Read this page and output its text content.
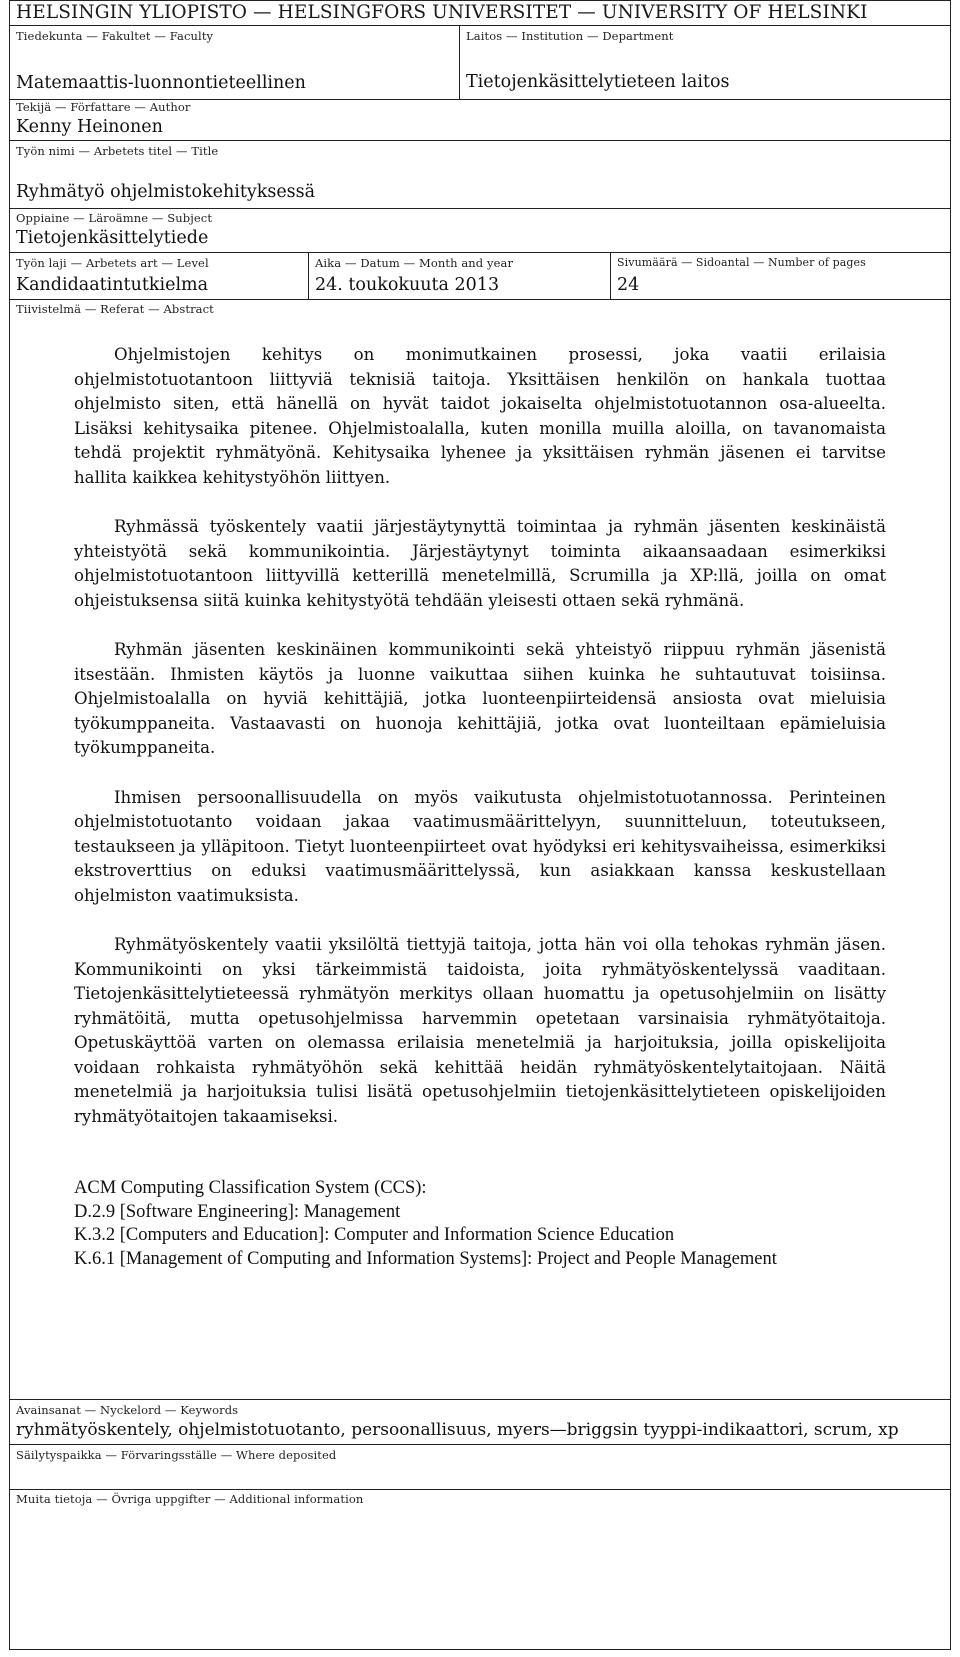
HELSINGIN YLIOPISTO — HELSINGFORS UNIVERSITET — UNIVERSITY OF HELSINKI
Tiedekunta — Fakultet — Faculty
Matemaattis-luonnontieteellinen
Laitos — Institution — Department
Tietojenkäsittelytieteen laitos
Tekijä — Författare — Author
Kenny Heinonen
Työn nimi — Arbetets titel — Title
Ryhmätyö ohjelmistokehityksessä
Oppiaine — Läroämne — Subject
Tietojenkäsittelytiede
Työn laji — Arbetets art — Level
Kandidaatintutkielma
Aika — Datum — Month and year
24. toukokuuta 2013
Sivumäärä — Sidoantal — Number of pages
24
Tiivistelmä — Referat — Abstract

Ohjelmistojen kehitys on monimutkainen prosessi, joka vaatii erilaisia ohjelmistotuotantoon liittyviä teknisiä taitoja. Yksittäisen henkilön on hankala tuottaa ohjelmisto siten, että hänellä on hyvät taidot jokaiselta ohjelmistotuotannon osa-alueelta. Lisäksi kehitysaika pitenee. Ohjelmistoalalla, kuten monilla muilla aloilla, on tavanomaista tehdä projektit ryhmätyönä. Kehitysaika lyhenee ja yksittäisen ryhmän jäsenen ei tarvitse hallita kaikkea kehitystyöhön liittyen.

Ryhmässä työskentely vaatii järjestäytynyttä toimintaa ja ryhmän jäsenten keskinäistä yhteistyötä sekä kommunikointia. Järjestäytynyt toiminta aikaansaadaan esimerkiksi ohjelmistotuotantoon liittyvillä ketterillä menetelmillä, Scrumilla ja XP:llä, joilla on omat ohjeistuksensa siitä kuinka kehitystyötä tehdään yleisesti ottaen sekä ryhmänä.

Ryhmän jäsenten keskinäinen kommunikointi sekä yhteistyö riippuu ryhmän jäsenistä itsestään. Ihmisten käytös ja luonne vaikuttaa siihen kuinka he suhtautuvat toisiinsa. Ohjelmistoalalla on hyviä kehittäjiä, jotka luonteenpiirteidensä ansiosta ovat mieluisia työkumppaneita. Vastaavasti on huonoja kehittäjiä, jotka ovat luonteiltaan epämieluisia työkumppaneita.

Ihmisen persoonallisuudella on myös vaikutusta ohjelmistotuotannossa. Perinteinen ohjelmistotuotanto voidaan jakaa vaatimusmäärittelyyn, suunnitteluun, toteutukseen, testaukseen ja ylläpitoon. Tietyt luonteenpiirteet ovat hyödyksi eri kehitysvaiheissa, esimerkiksi ekstroverttius on eduksi vaatimusmäärittelyssä, kun asiakkaan kanssa keskustellaan ohjelmiston vaatimuksista.

Ryhmätyöskentely vaatii yksilöltä tiettyjä taitoja, jotta hän voi olla tehokas ryhmän jäsen. Kommunikointi on yksi tärkeimmistä taidoista, joita ryhmätyöskentelyssä vaaditaan. Tietojenkäsittelytieteessä ryhmätyön merkitys ollaan huomattu ja opetusohjelmiin on lisätty ryhmätöitä, mutta opetusohjelmissa harvemmin opetetaan varsinaisia ryhmätyötaitoja. Opetuskäyttöä varten on olemassa erilaisia menetelmiä ja harjoituksia, joilla opiskelijoita voidaan rohkaista ryhmätyöhön sekä kehittää heidän ryhmätyöskentelytaitojaan. Näitä menetelmiä ja harjoituksia tulisi lisätä opetusohjelmiin tietojenkäsittelytieteen opiskelijoiden ryhmätyötaitojen takaamiseksi.

ACM Computing Classification System (CCS):
D.2.9 [Software Engineering]: Management
K.3.2 [Computers and Education]: Computer and Information Science Education
K.6.1 [Management of Computing and Information Systems]: Project and People Management
Avainsanat — Nyckelord — Keywords
ryhmätyöskentely, ohjelmistotuotanto, persoonallisuus, myers—briggsin tyyppi-indikaattori, scrum, xp
Säilytyspaikka — Förvaringsställe — Where deposited
Muita tietoja — Övriga uppgifter — Additional information
